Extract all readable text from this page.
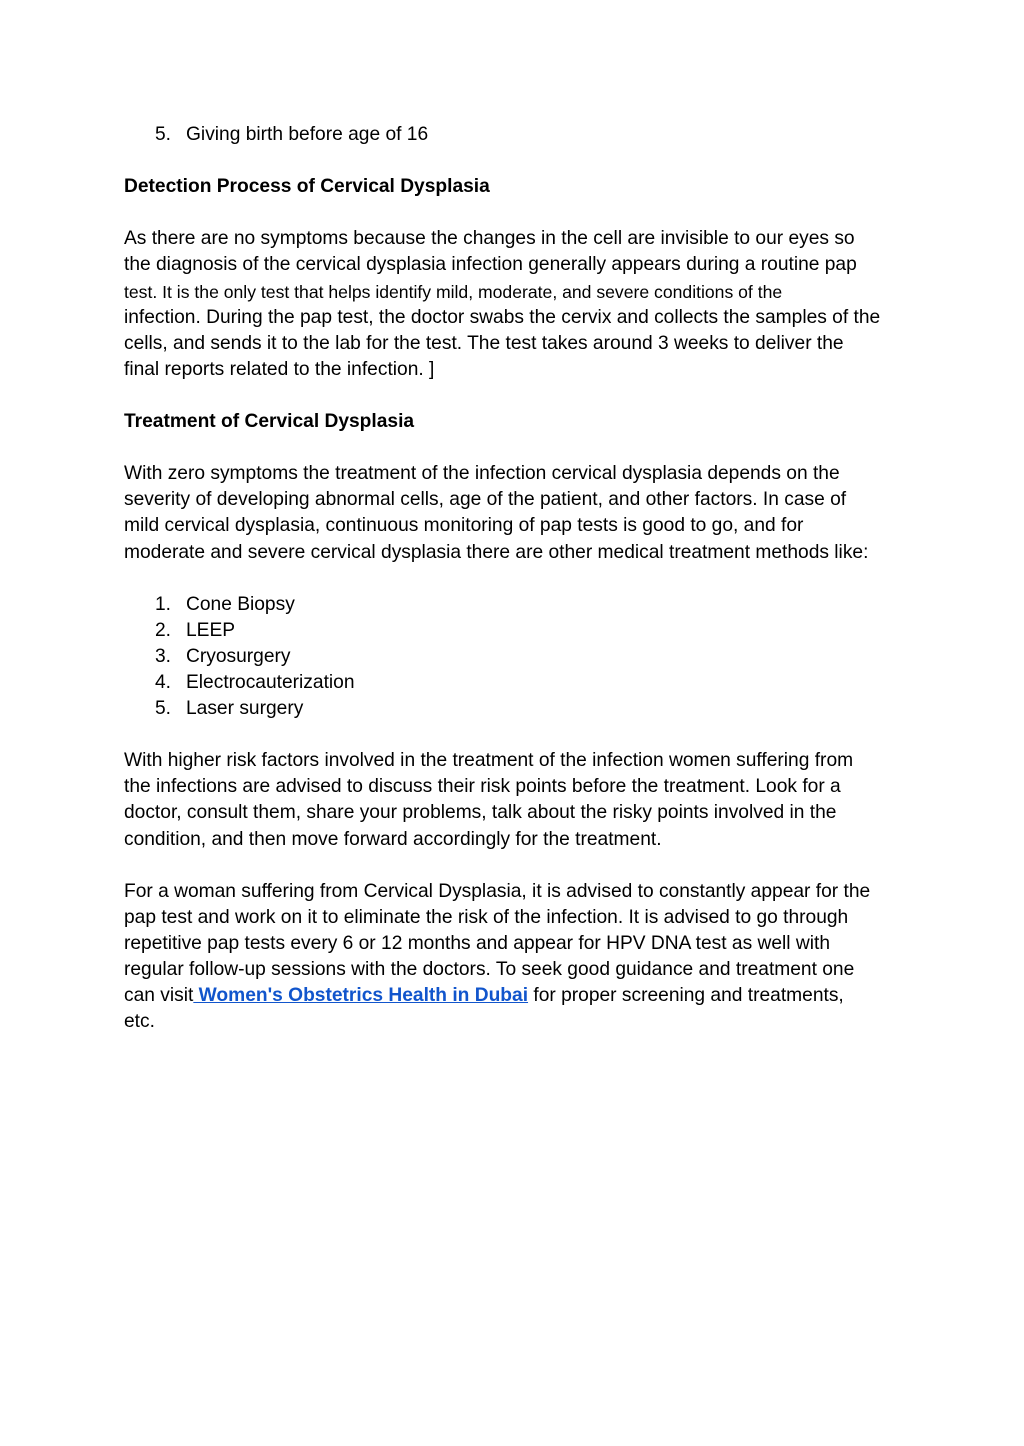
5. Giving birth before age of 16

Detection Process of Cervical Dysplasia

As there are no symptoms because the changes in the cell are invisible to our eyes so
the diagnosis of the cervical dysplasia infection generally appears during a routine pap
test. It is the only test that helps identify mild, moderate, and severe conditions of the
infection. During the pap test, the doctor swabs the cervix and collects the samples of the
cells, and sends it to the lab for the test. The test takes around 3 weeks to deliver the
final reports related to the infection. ]

Treatment of Cervical Dysplasia

With zero symptoms the treatment of the infection cervical dysplasia depends on the
severity of developing abnormal cells, age of the patient, and other factors. In case of
mild cervical dysplasia, continuous monitoring of pap tests is good to go, and for
moderate and severe cervical dysplasia there are other medical treatment methods like:
1. Cone Biopsy
2. LEEP
3. Cryosurgery
4. Electrocauterization
5. Laser surgery
With higher risk factors involved in the treatment of the infection women suffering from
the infections are advised to discuss their risk points before the treatment. Look for a
doctor, consult them, share your problems, talk about the risky points involved in the
condition, and then move forward accordingly for the treatment.
For a woman suffering from Cervical Dysplasia, it is advised to constantly appear for the
pap test and work on it to eliminate the risk of the infection. It is advised to go through
repetitive pap tests every 6 or 12 months and appear for HPV DNA test as well with
regular follow-up sessions with the doctors. To seek good guidance and treatment one
can visit Women's Obstetrics Health in Dubai for proper screening and treatments,
etc.
